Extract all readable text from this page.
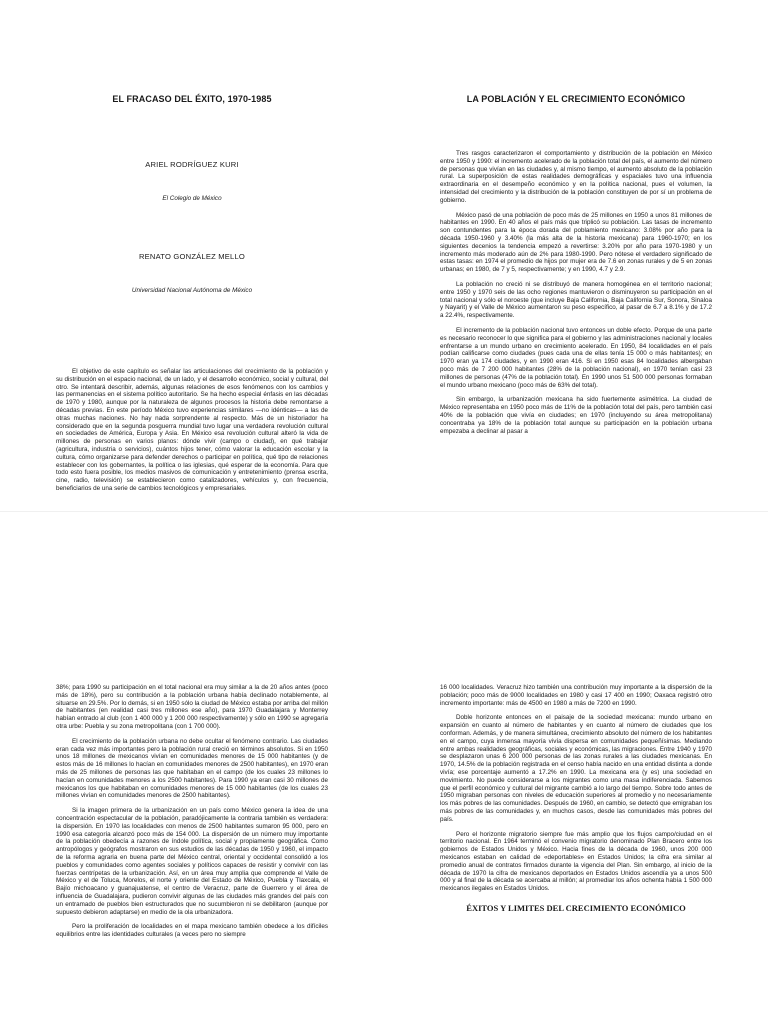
EL FRACASO DEL ÉXITO, 1970-1985

ARIEL RODRÍGUEZ KURI

El Colegio de México

RENATO GONZÁLEZ MELLO

Universidad Nacional Autónoma de México

El objetivo de este capítulo es señalar las articulaciones del crecimiento de la población y su distribución en el espacio nacional, de un lado, y el desarrollo económico, social y cultural, del otro. Se intentará describir, además, algunas relaciones de esos fenómenos con los cambios y las permanencias en el sistema político autoritario. Se ha hecho especial énfasis en las décadas de 1970 y 1980, aunque por la naturaleza de algunos procesos la historia debe remontarse a décadas previas. En este período México tuvo experiencias similares —no idénticas— a las de otras muchas naciones. No hay nada sorprendente al respecto. Más de un historiador ha considerado que en la segunda posguerra mundial tuvo lugar una verdadera revolución cultural en sociedades de América, Europa y Asia. En México esa revolución cultural alteró la vida de millones de personas en varios planos: dónde vivir (campo o ciudad), en qué trabajar (agricultura, industria o servicios), cuántos hijos tener, cómo valorar la educación escolar y la cultura, cómo organizarse para defender derechos o participar en política, qué tipo de relaciones establecer con los gobernantes, la política o las iglesias, qué esperar de la economía. Para que todo esto fuera posible, los medios masivos de comunicación y entretenimiento (prensa escrita, cine, radio, televisión) se establecieron como catalizadores, vehículos y, con frecuencia, beneficiarios de una serie de cambios tecnológicos y empresariales.

LA POBLACIÓN Y EL CRECIMIENTO ECONÓMICO

Tres rasgos caracterizaron el comportamiento y distribución de la población en México entre 1950 y 1990: el incremento acelerado de la población total del país, el aumento del número de personas que vivían en las ciudades y, al mismo tiempo, el aumento absoluto de la población rural. La superposición de estas realidades demográficas y espaciales tuvo una influencia extraordinaria en el desempeño económico y en la política nacional, pues el volumen, la intensidad del crecimiento y la distribución de la población constituyen de por sí un problema de gobierno.

México pasó de una población de poco más de 25 millones en 1950 a unos 81 millones de habitantes en 1990. En 40 años el país más que triplicó su población. Las tasas de incremento son contundentes para la época dorada del poblamiento mexicano: 3.08% por año para la década 1950-1960 y 3.40% (la más alta de la historia mexicana) para 1960-1970; en los siguientes decenios la tendencia empezó a revertirse: 3.20% por año para 1970-1980 y un incremento más moderado aún de 2% para 1980-1990. Pero nótese el verdadero significado de estas tasas: en 1974 el promedio de hijos por mujer era de 7.6 en zonas rurales y de 5 en zonas urbanas; en 1980, de 7 y 5, respectivamente; y en 1990, 4.7 y 2.9.

La población no creció ni se distribuyó de manera homogénea en el territorio nacional; entre 1950 y 1970 seis de las ocho regiones mantuvieron o disminuyeron su participación en el total nacional y sólo el noroeste (que incluye Baja California, Baja California Sur, Sonora, Sinaloa y Nayarit) y el Valle de México aumentaron su peso específico, al pasar de 6.7 a 8.1% y de 17.2 a 22.4%, respectivamente.

El incremento de la población nacional tuvo entonces un doble efecto. Porque de una parte es necesario reconocer lo que significa para el gobierno y las administraciones nacional y locales enfrentarse a un mundo urbano en crecimiento acelerado. En 1950, 84 localidades en el país podían calificarse como ciudades (pues cada una de ellas tenía 15 000 o más habitantes); en 1970 eran ya 174 ciudades, y en 1990 eran 416. Si en 1950 esas 84 localidades albergaban poco más de 7 200 000 habitantes (28% de la población nacional), en 1970 tenían casi 23 millones de personas (47% de la población total). En 1990 unos 51 500 000 personas formaban el mundo urbano mexicano (poco más de 63% del total).

Sin embargo, la urbanización mexicana ha sido fuertemente asimétrica. La ciudad de México representaba en 1950 poco más de 11% de la población total del país, pero también casi 40% de la población que vivía en ciudades; en 1970 (incluyendo su área metropolitana) concentraba ya 18% de la población total aunque su participación en la población urbana empezaba a declinar al pasar a

38%; para 1990 su participación en el total nacional era muy similar a la de 20 años antes (poco más de 18%), pero su contribución a la población urbana había declinado notablemente, al situarse en 29.5%. Por lo demás, si en 1950 sólo la ciudad de México estaba por arriba del millón de habitantes (en realidad casi tres millones ese año), para 1970 Guadalajara y Monterrey habían entrado al club (con 1 400 000 y 1 200 000 respectivamente) y sólo en 1990 se agregaría otra urbe: Puebla y su zona metropolitana (con 1 700 000).

El crecimiento de la población urbana no debe ocultar el fenómeno contrario. Las ciudades eran cada vez más importantes pero la población rural creció en términos absolutos. Si en 1950 unos 18 millones de mexicanos vivían en comunidades menores de 15 000 habitantes (y de estos más de 16 millones lo hacían en comunidades menores de 2500 habitantes), en 1970 eran más de 25 millones de personas las que habitaban en el campo (de los cuales 23 millones lo hacían en comunidades menores a los 2500 habitantes). Para 1990 ya eran casi 30 millones de mexicanos los que habitaban en comunidades menores de 15 000 habitantes (de los cuales 23 millones vivían en comunidades menores de 2500 habitantes).

Si la imagen primera de la urbanización en un país como México genera la idea de una concentración espectacular de la población, paradójicamente la contraria también es verdadera: la dispersión. En 1970 las localidades con menos de 2500 habitantes sumaron 95 000, pero en 1990 esa categoría alcanzó poco más de 154 000. La dispersión de un número muy importante de la población obedecía a razones de índole política, social y propiamente geográfica. Como antropólogos y geógrafos mostraron en sus estudios de las décadas de 1950 y 1960, el impacto de la reforma agraria en buena parte del México central, oriental y occidental consolidó a los pueblos y comunidades como agentes sociales y políticos capaces de resistir y convivir con las fuerzas centrípetas de la urbanización. Así, en un área muy amplia que comprende el Valle de México y el de Toluca, Morelos, el norte y oriente del Estado de México, Puebla y Tlaxcala, el Bajío michoacano y guanajuatense, el centro de Veracruz, parte de Guerrero y el área de influencia de Guadalajara, pudieron convivir algunas de las ciudades más grandes del país con un entramado de pueblos bien estructurados que no sucumbieron ni se debilitaron (aunque por supuesto debieron adaptarse) en medio de la ola urbanizadora.

Pero la proliferación de localidades en el mapa mexicano también obedece a los difíciles equilibrios entre las identidades culturales (a veces pero no siempre

16 000 localidades. Veracruz hizo también una contribución muy importante a la dispersión de la población; poco más de 9000 localidades en 1980 y casi 17 400 en 1990; Oaxaca registró otro incremento importante: más de 4500 en 1980 a más de 7200 en 1990.

Doble horizonte entonces en el paisaje de la sociedad mexicana: mundo urbano en expansión en cuanto al número de habitantes y en cuanto al número de ciudades que los conforman. Además, y de manera simultánea, crecimiento absoluto del número de los habitantes en el campo, cuya inmensa mayoría vivía dispersa en comunidades pequeñísimas. Mediando entre ambas realidades geográficas, sociales y económicas, las migraciones. Entre 1940 y 1970 se desplazaron unas 6 200 000 personas de las zonas rurales a las ciudades mexicanas. En 1970, 14.5% de la población registrada en el censo había nacido en una entidad distinta a donde vivía; ese porcentaje aumentó a 17.2% en 1990. La mexicana era (y es) una sociedad en movimiento. No puede considerarse a los migrantes como una masa indiferenciada. Sabemos que el perfil económico y cultural del migrante cambió a lo largo del tiempo. Sobre todo antes de 1950 migraban personas con niveles de educación superiores al promedio y no necesariamente los más pobres de las comunidades. Después de 1960, en cambio, se detectó que emigraban los más pobres de las comunidades y, en muchos casos, desde las comunidades más pobres del país.

Pero el horizonte migratorio siempre fue más amplio que los flujos campo/ciudad en el territorio nacional. En 1964 terminó el convenio migratorio denominado Plan Bracero entre los gobiernos de Estados Unidos y México. Hacia fines de la década de 1960, unos 200 000 mexicanos estaban en calidad de «deportables» en Estados Unidos; la cifra era similar al promedio anual de contratos firmados durante la vigencia del Plan. Sin embargo, al inicio de la década de 1970 la cifra de mexicanos deportados en Estados Unidos ascendía ya a unos 500 000 y al final de la década se acercaba al millón; al promediar los años ochenta había 1 500 000 mexicanos ilegales en Estados Unidos.

ÉXITOS Y LIMITES DEL CRECIMIENTO ECONÓMICO
